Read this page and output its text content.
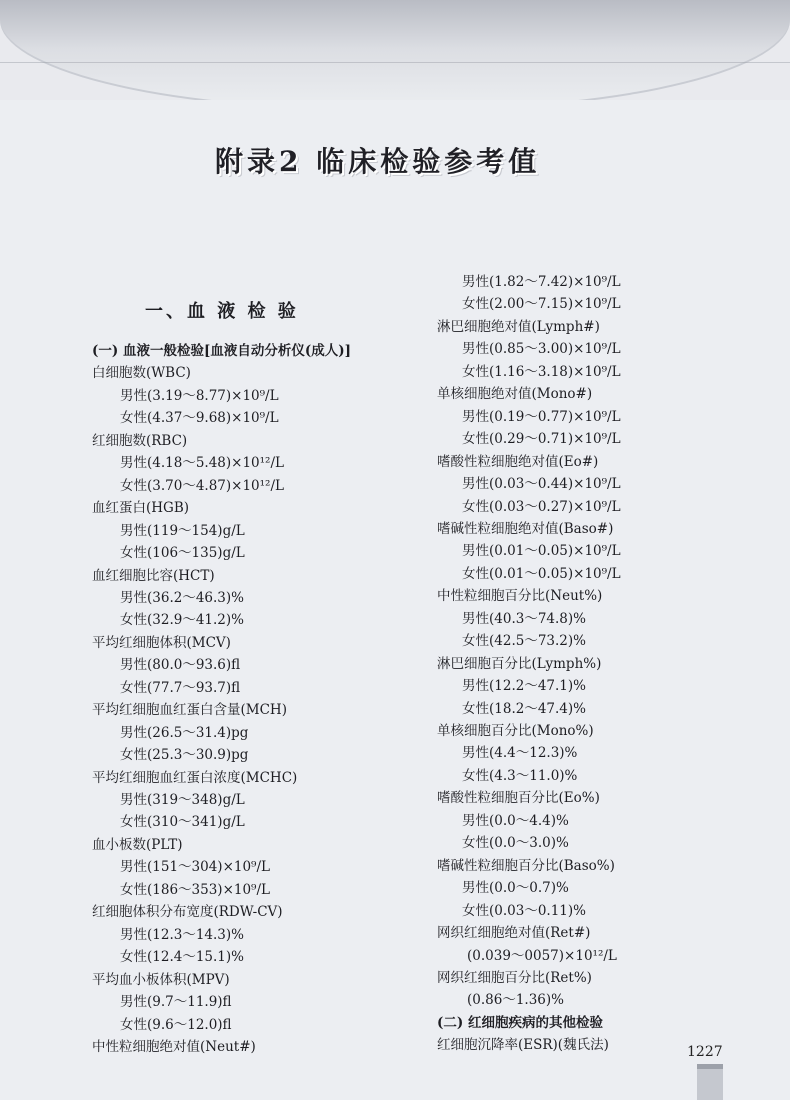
附录2 临床检验参考值
一、血 液 检 验
(一) 血液一般检验[血液自动分析仪(成人)]
白细胞数(WBC)
男性(3.19～8.77)×10⁹/L
女性(4.37～9.68)×10⁹/L
红细胞数(RBC)
男性(4.18～5.48)×10¹²/L
女性(3.70～4.87)×10¹²/L
血红蛋白(HGB)
男性(119～154)g/L
女性(106～135)g/L
血红细胞比容(HCT)
男性(36.2～46.3)%
女性(32.9～41.2)%
平均红细胞体积(MCV)
男性(80.0～93.6)fl
女性(77.7～93.7)fl
平均红细胞血红蛋白含量(MCH)
男性(26.5～31.4)pg
女性(25.3～30.9)pg
平均红细胞血红蛋白浓度(MCHC)
男性(319～348)g/L
女性(310～341)g/L
血小板数(PLT)
男性(151～304)×10⁹/L
女性(186～353)×10⁹/L
红细胞体积分布宽度(RDW-CV)
男性(12.3～14.3)%
女性(12.4～15.1)%
平均血小板体积(MPV)
男性(9.7～11.9)fl
女性(9.6～12.0)fl
中性粒细胞绝对值(Neut#)
男性(1.82～7.42)×10⁹/L
女性(2.00～7.15)×10⁹/L
淋巴细胞绝对值(Lymph#)
男性(0.85～3.00)×10⁹/L
女性(1.16～3.18)×10⁹/L
单核细胞绝对值(Mono#)
男性(0.19～0.77)×10⁹/L
女性(0.29～0.71)×10⁹/L
嗜酸性粒细胞绝对值(Eo#)
男性(0.03～0.44)×10⁹/L
女性(0.03～0.27)×10⁹/L
嗜碱性粒细胞绝对值(Baso#)
男性(0.01～0.05)×10⁹/L
女性(0.01～0.05)×10⁹/L
中性粒细胞百分比(Neut%)
男性(40.3～74.8)%
女性(42.5～73.2)%
淋巴细胞百分比(Lymph%)
男性(12.2～47.1)%
女性(18.2～47.4)%
单核细胞百分比(Mono%)
男性(4.4～12.3)%
女性(4.3～11.0)%
嗜酸性粒细胞百分比(Eo%)
男性(0.0～4.4)%
女性(0.0～3.0)%
嗜碱性粒细胞百分比(Baso%)
男性(0.0～0.7)%
女性(0.03～0.11)%
网织红细胞绝对值(Ret#)
(0.039～0057)×10¹²/L
网织红细胞百分比(Ret%)
(0.86～1.36)%
(二) 红细胞疾病的其他检验
红细胞沉降率(ESR)(魏氏法)	1227
